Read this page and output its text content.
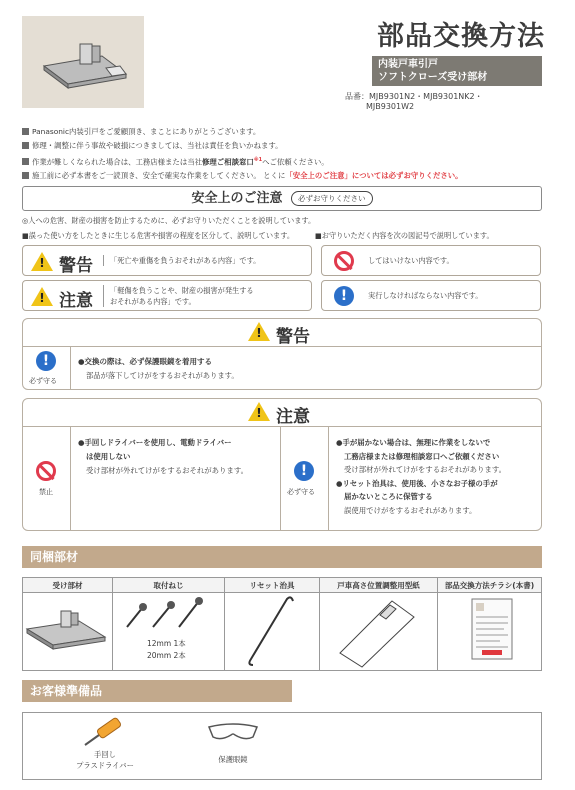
部品交換方法
内装戸車引戸
ソフトクローズ受け部材
品番：MJB9301N2・MJB9301NK2・
MJB9301W2
Panasonic内装引戸をご愛顧頂き、まことにありがとうございます。
修理・調整に伴う事故や破損につきましては、当社は責任を負いかねます。
作業が難しくなられた場合は、工務店様または当社修理ご相談窓口$^{※1}$へご依頼ください。
施工前に必ず本書をご一読頂き、安全で確実な作業をしてください。 とくに「安全上のご注意」については必ずお守りください。
安全上のご注意 必ずお守りください
◎人への危害、財産の損害を防止するために、必ずお守りいただくことを説明しています。
■誤った使い方をしたときに生じる危害や損害の程度を区分して、説明しています。	■お守りいただく内容を次の図記号で説明しています。
! 警告	「死亡や重傷を負うおそれがある内容」です。
! 注意
「軽傷を負うことや、財産の損害が発生する
おそれがある内容」です。
してはいけない内容です。
!	実行しなければならない内容です。
! 警告
!
必ず守る
●交換の際は、必ず保護眼鏡を着用する
部品が落下してけがをするおそれがあります。
! 注意
禁止
●手回しドライバーを使用し、電動ドライバー
は使用しない
受け部材が外れてけがをするおそれがあります。	!
必ず守る
●手が届かない場合は、無理に作業をしないで
工務店様または修理相談窓口へご依頼ください
受け部材が外れてけがをするおそれがあります。
●リセット治具は、使用後、小さなお子様の手が
届かないところに保管する
誤使用でけがをするおそれがあります。
同梱部材
受け部材	取付ねじ	リセット治具	戸車高さ位置調整用型紙	部品交換方法チラシ(本書)

12mm 1本
20mm 2本

お客様準備品
手回し
プラスドライバー
保護眼鏡
